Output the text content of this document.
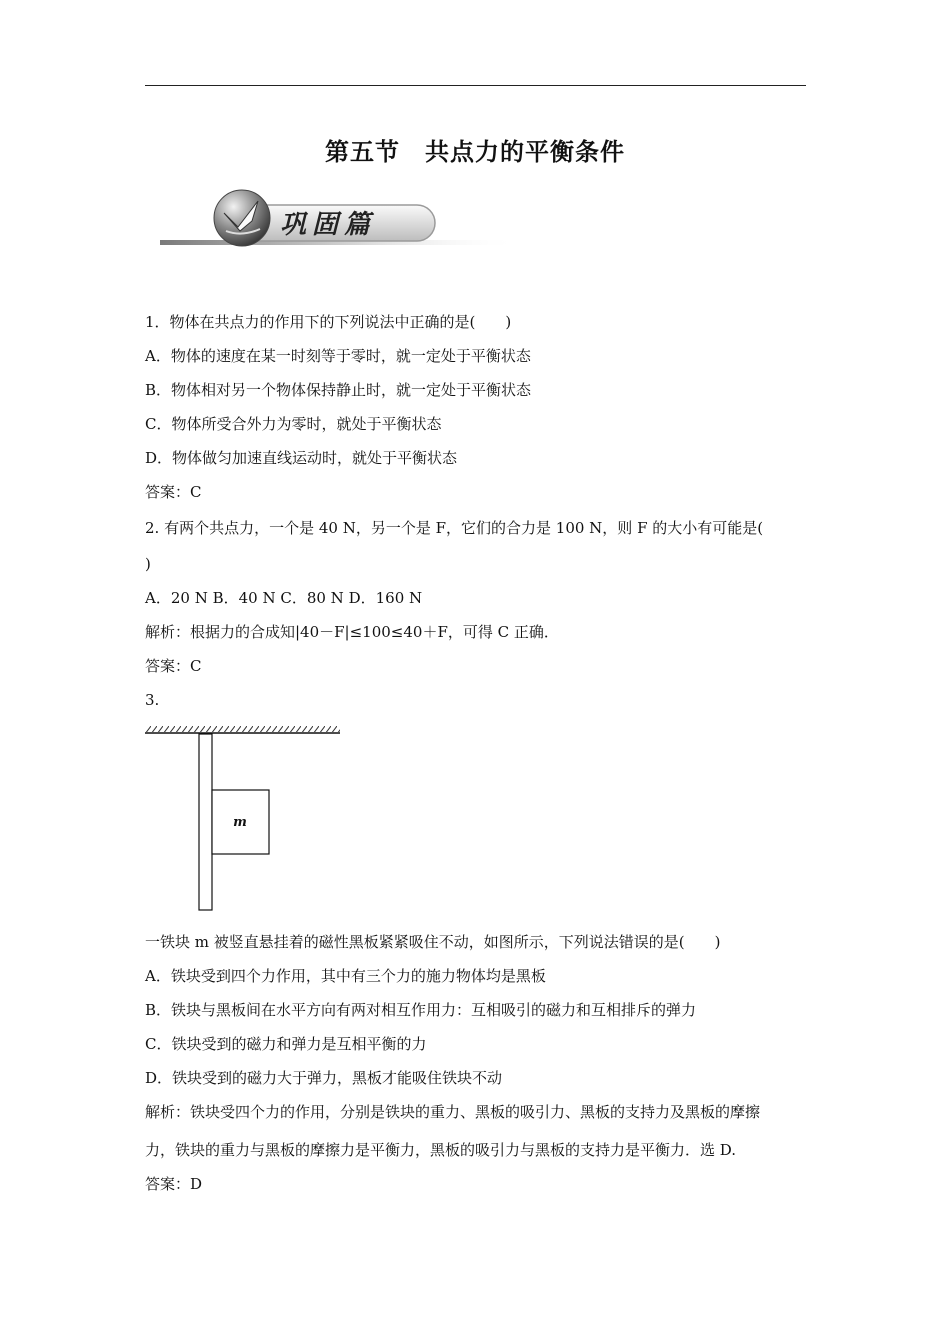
第五节　共点力的平衡条件
巩固篇
1．物体在共点力的作用下的下列说法中正确的是(　　)
A．物体的速度在某一时刻等于零时，就一定处于平衡状态
B．物体相对另一个物体保持静止时，就一定处于平衡状态
C．物体所受合外力为零时，就处于平衡状态
D．物体做匀加速直线运动时，就处于平衡状态
答案：C
2. 有两个共点力，一个是 40 N，另一个是 F，它们的合力是 100 N，则 F 的大小有可能是(
)
A．20 N B．40 N C．80 N D．160 N
解析：根据力的合成知|40－F|≤100≤40＋F，可得 C 正确．
答案：C
3.
m
一铁块 m 被竖直悬挂着的磁性黑板紧紧吸住不动，如图所示，下列说法错误的是(　　)
A．铁块受到四个力作用，其中有三个力的施力物体均是黑板
B．铁块与黑板间在水平方向有两对相互作用力：互相吸引的磁力和互相排斥的弹力
C．铁块受到的磁力和弹力是互相平衡的力
D．铁块受到的磁力大于弹力，黑板才能吸住铁块不动
解析：铁块受四个力的作用，分别是铁块的重力、黑板的吸引力、黑板的支持力及黑板的摩擦
力，铁块的重力与黑板的摩擦力是平衡力，黑板的吸引力与黑板的支持力是平衡力．选 D.
答案：D
